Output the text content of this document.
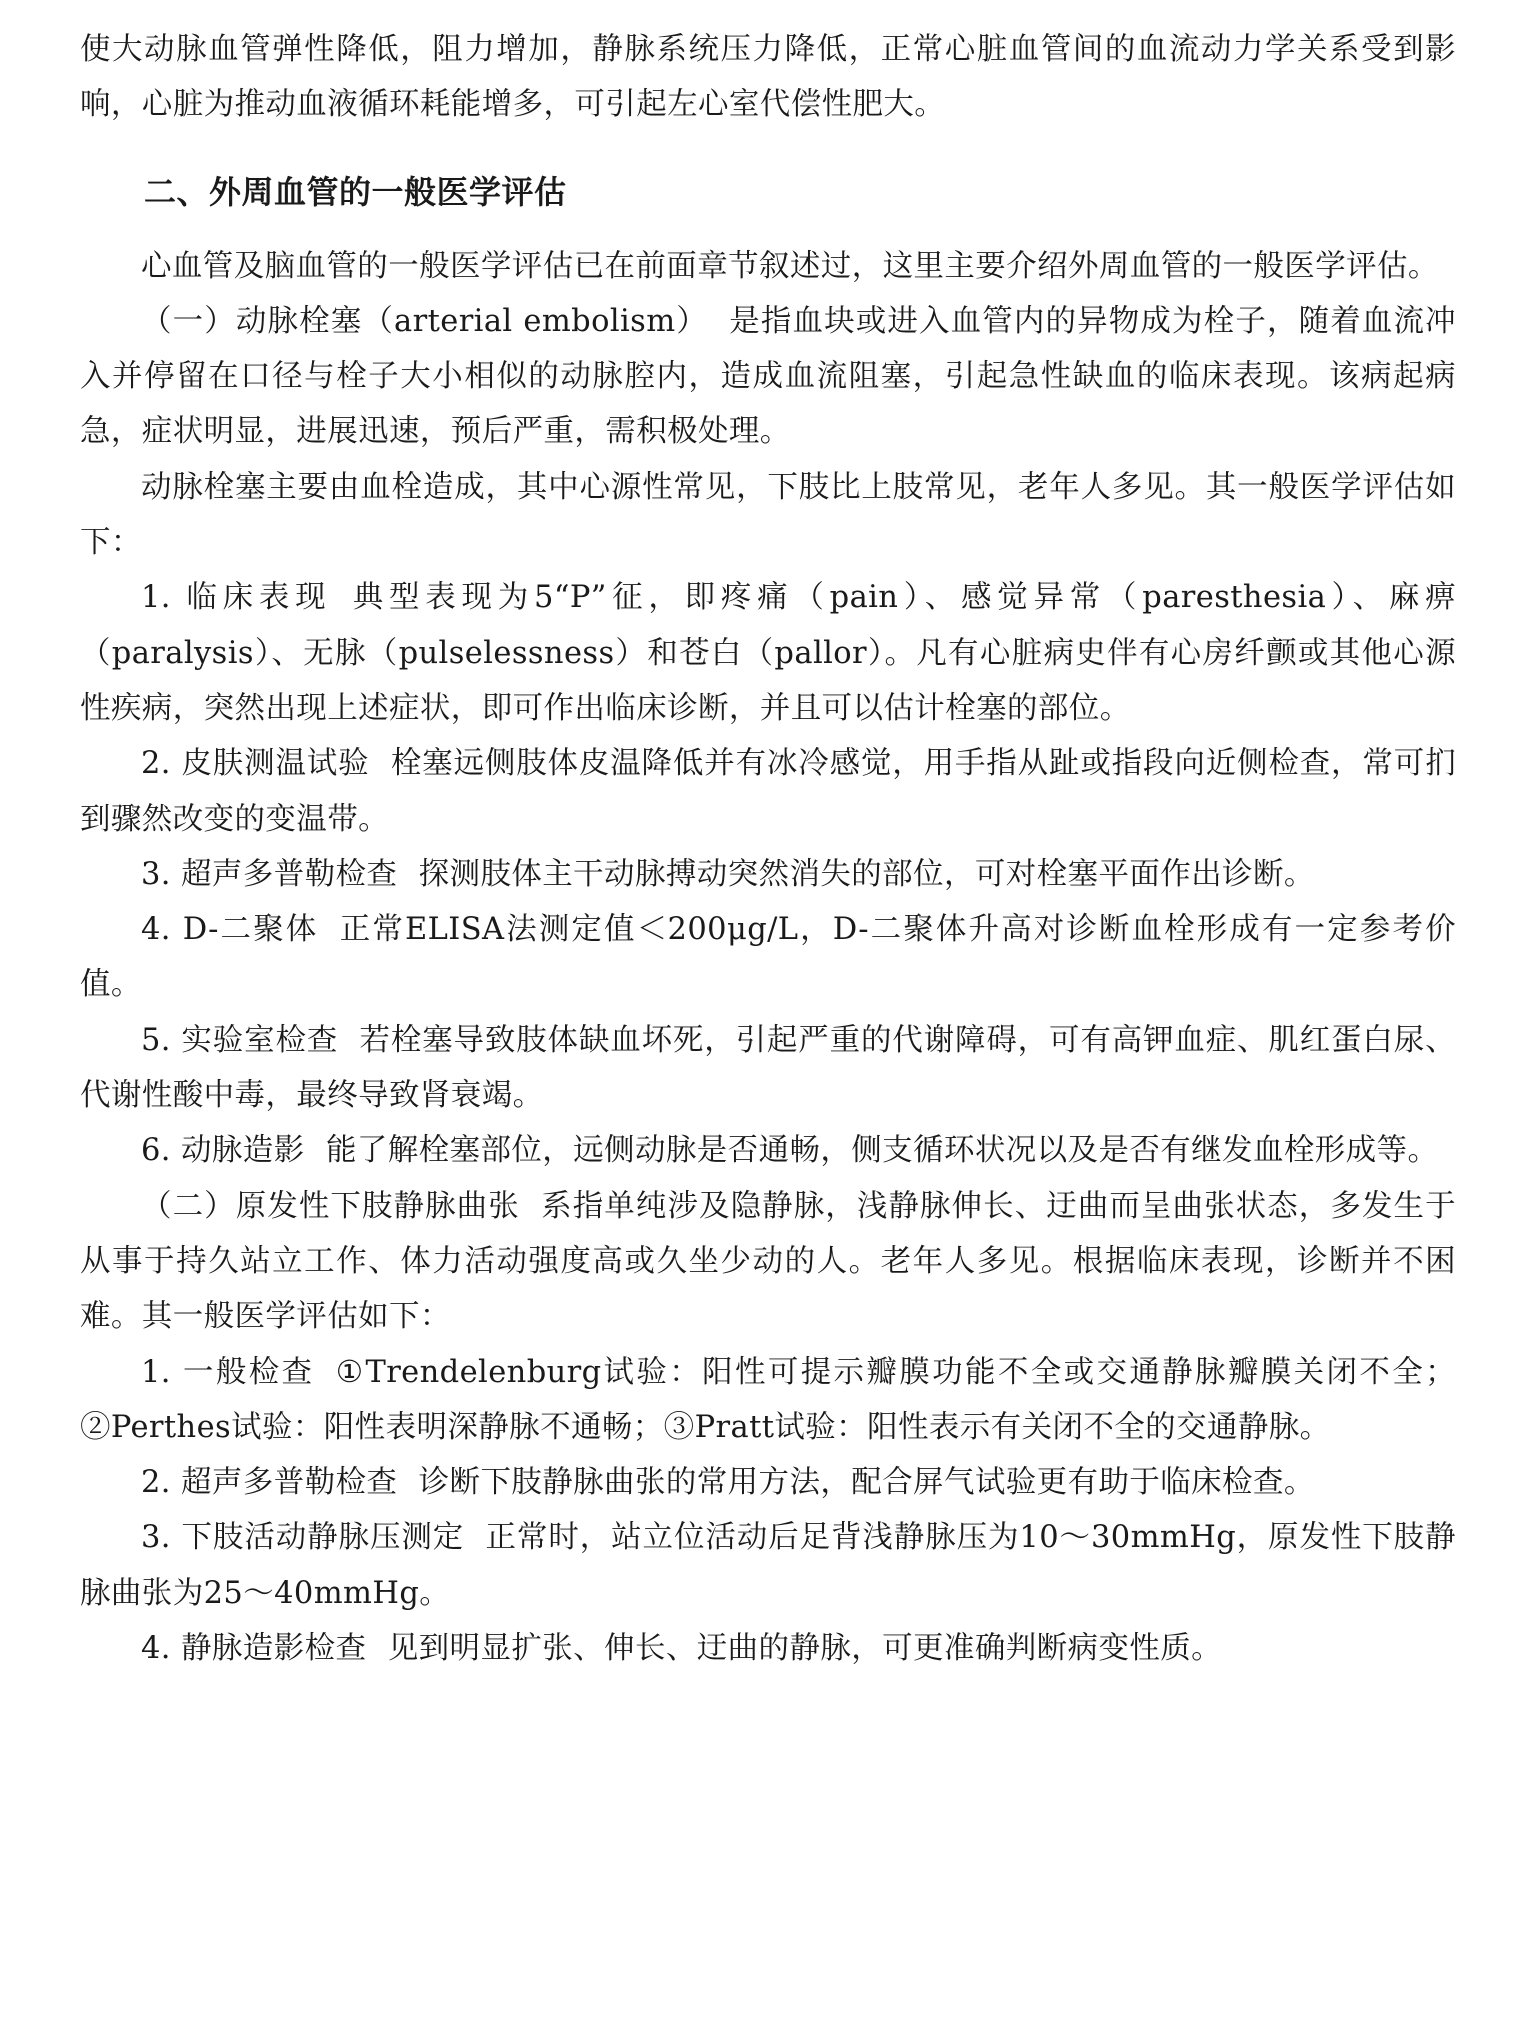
使大动脉血管弹性降低，阻力增加，静脉系统压力降低，正常心脏血管间的血流动力学关系受到影响，心脏为推动血液循环耗能增多，可引起左心室代偿性肥大。

二、外周血管的一般医学评估

心血管及脑血管的一般医学评估已在前面章节叙述过，这里主要介绍外周血管的一般医学评估。

（一）动脉栓塞（arterial embolism） 是指血块或进入血管内的异物成为栓子，随着血流冲入并停留在口径与栓子大小相似的动脉腔内，造成血流阻塞，引起急性缺血的临床表现。该病起病急，症状明显，进展迅速，预后严重，需积极处理。

动脉栓塞主要由血栓造成，其中心源性常见，下肢比上肢常见，老年人多见。其一般医学评估如下：

1. 临床表现 典型表现为5“P”征，即疼痛（pain）、感觉异常（paresthesia）、麻痹（paralysis）、无脉（pulselessness）和苍白（pallor）。凡有心脏病史伴有心房纤颤或其他心源性疾病，突然出现上述症状，即可作出临床诊断，并且可以估计栓塞的部位。

2. 皮肤测温试验 栓塞远侧肢体皮温降低并有冰冷感觉，用手指从趾或指段向近侧检查，常可扪到骤然改变的变温带。

3. 超声多普勒检查 探测肢体主干动脉搏动突然消失的部位，可对栓塞平面作出诊断。

4. D-二聚体 正常ELISA法测定值＜200μg/L，D-二聚体升高对诊断血栓形成有一定参考价值。

5. 实验室检查 若栓塞导致肢体缺血坏死，引起严重的代谢障碍，可有高钾血症、肌红蛋白尿、代谢性酸中毒，最终导致肾衰竭。

6. 动脉造影 能了解栓塞部位，远侧动脉是否通畅，侧支循环状况以及是否有继发血栓形成等。

（二）原发性下肢静脉曲张 系指单纯涉及隐静脉，浅静脉伸长、迂曲而呈曲张状态，多发生于从事于持久站立工作、体力活动强度高或久坐少动的人。老年人多见。根据临床表现，诊断并不困难。其一般医学评估如下：

1. 一般检查 ①Trendelenburg试验：阳性可提示瓣膜功能不全或交通静脉瓣膜关闭不全；②Perthes试验：阳性表明深静脉不通畅；③Pratt试验：阳性表示有关闭不全的交通静脉。

2. 超声多普勒检查 诊断下肢静脉曲张的常用方法，配合屏气试验更有助于临床检查。

3. 下肢活动静脉压测定 正常时，站立位活动后足背浅静脉压为10～30mmHg，原发性下肢静脉曲张为25～40mmHg。

4. 静脉造影检查 见到明显扩张、伸长、迂曲的静脉，可更准确判断病变性质。
